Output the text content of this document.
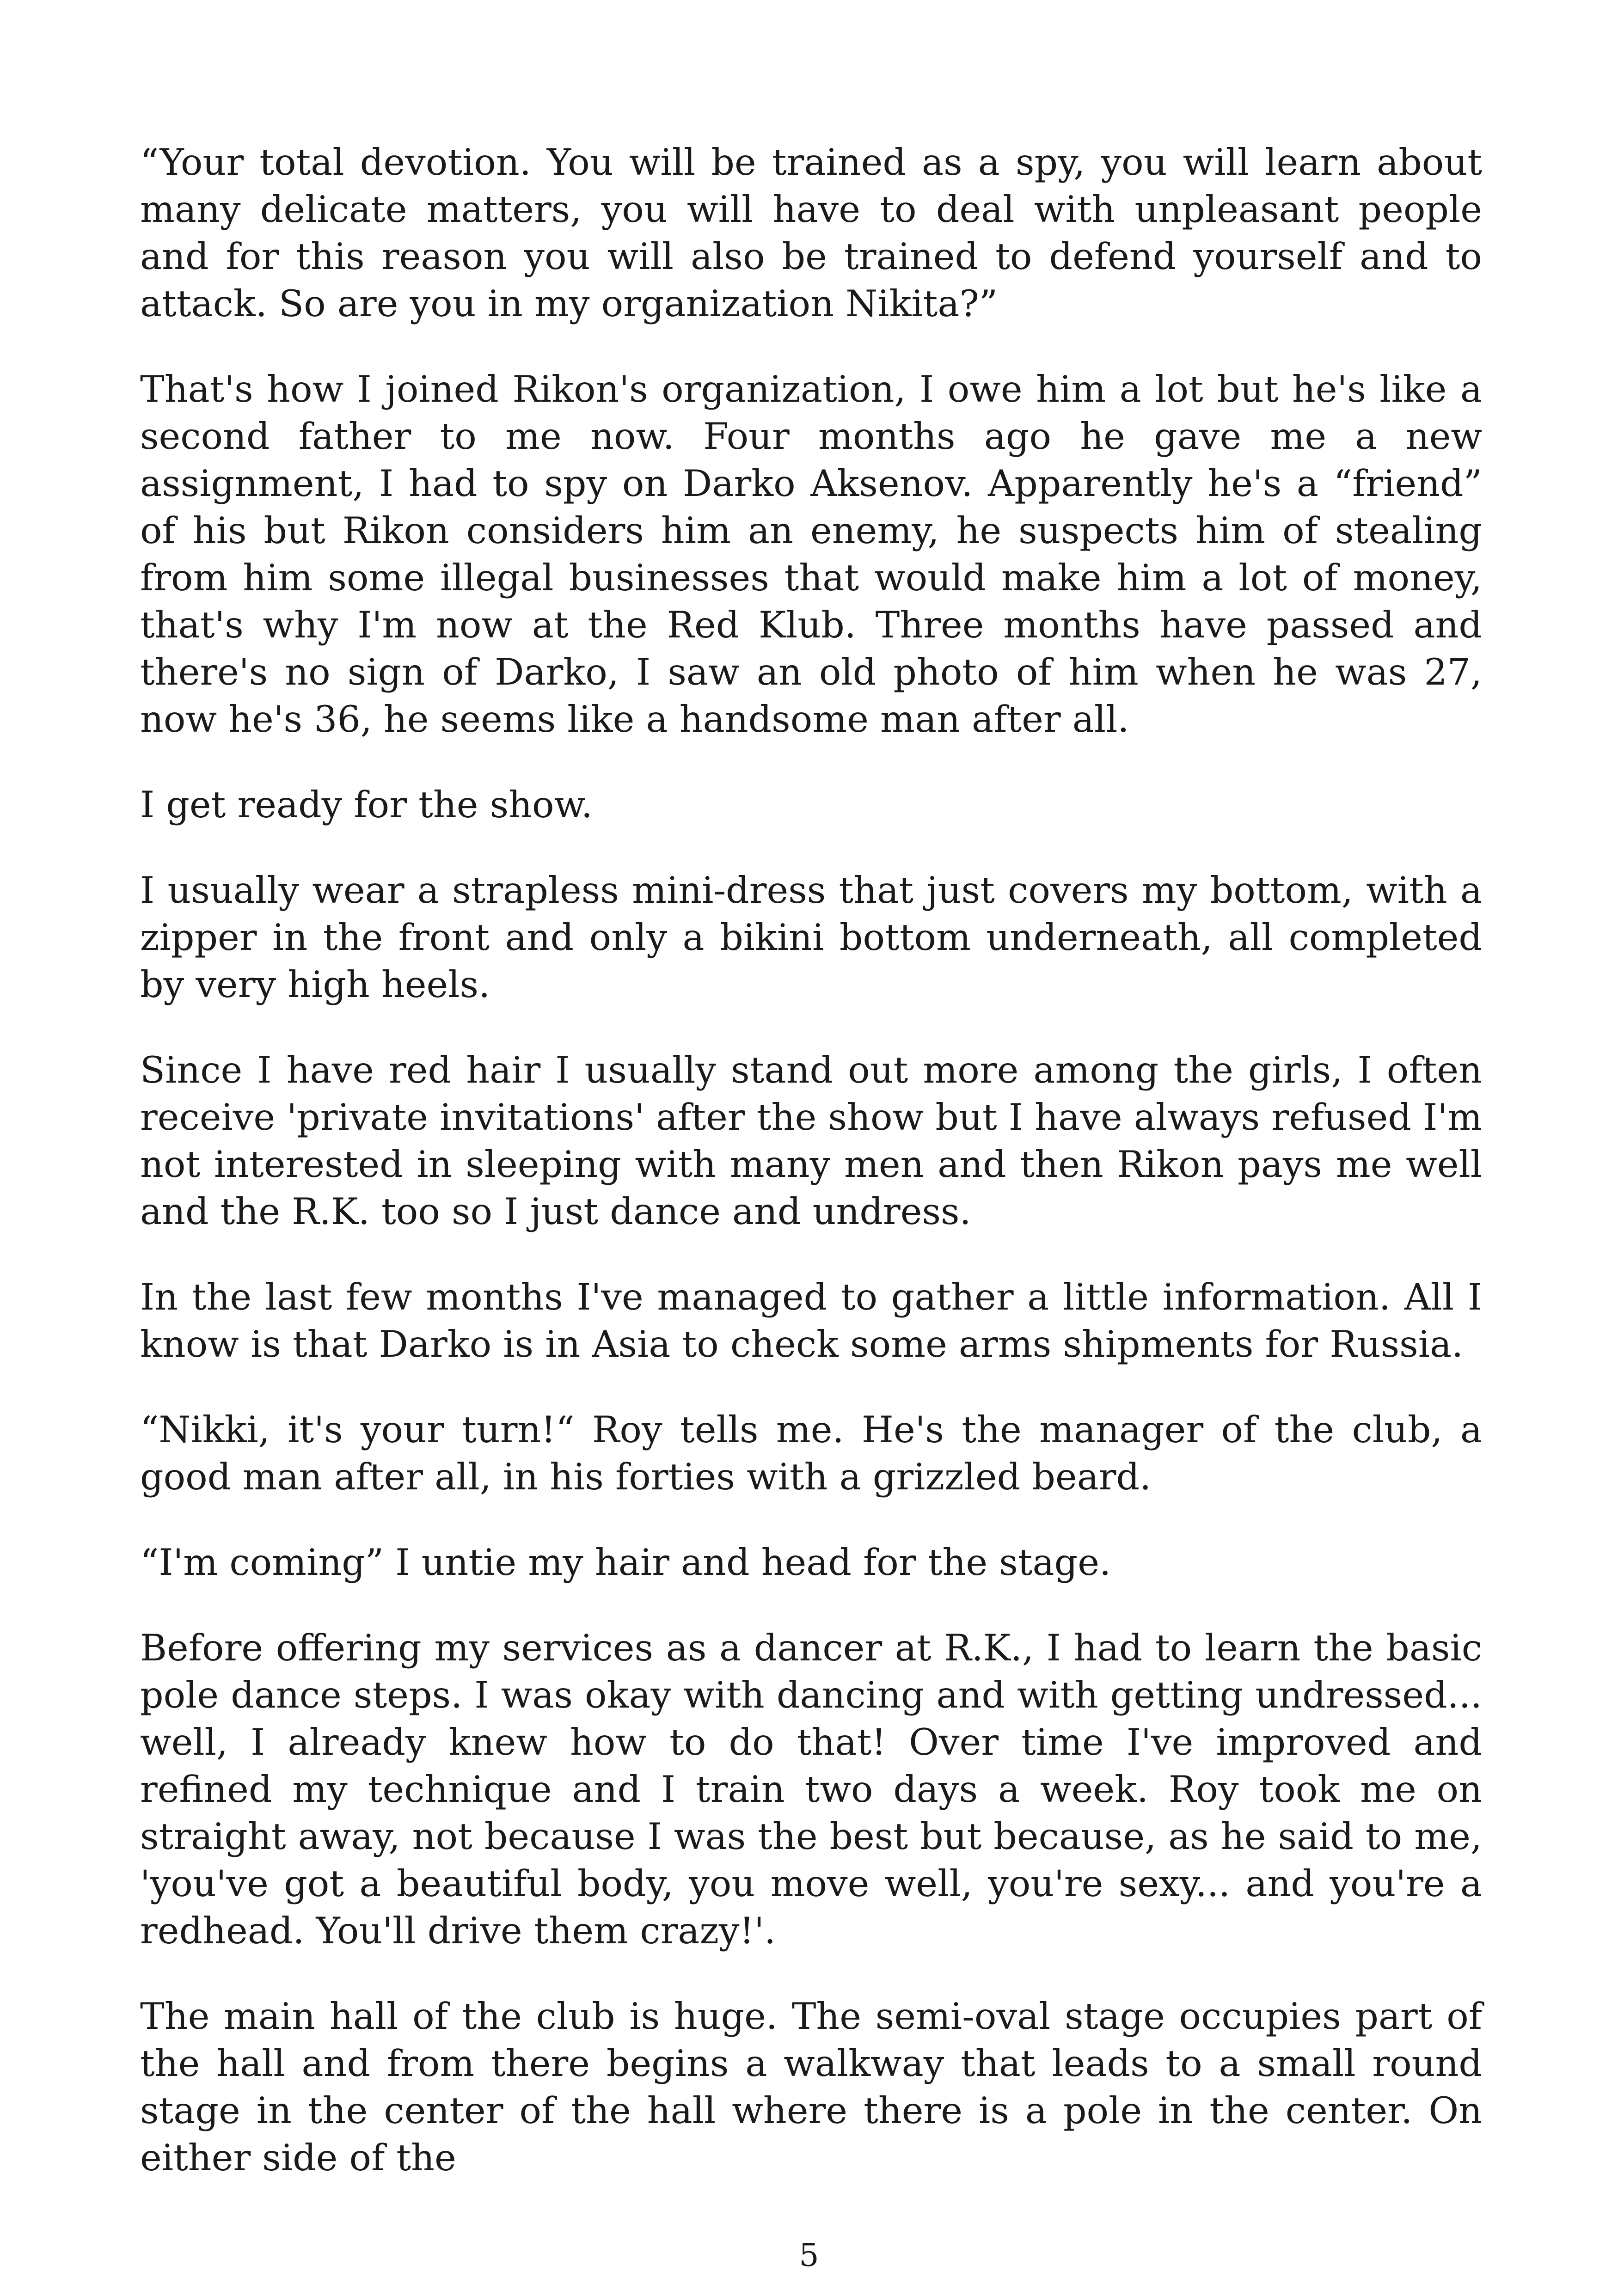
“Your total devotion. You will be trained as a spy, you will learn about many delicate matters, you will have to deal with unpleasant people and for this reason you will also be trained to defend yourself and to attack. So are you in my organization Nikita?”

That's how I joined Rikon's organization, I owe him a lot but he's like a second father to me now. Four months ago he gave me a new assignment, I had to spy on Darko Aksenov. Apparently he's a “friend” of his but Rikon considers him an enemy, he suspects him of stealing from him some illegal businesses that would make him a lot of money, that's why I'm now at the Red Klub. Three months have passed and there's no sign of Darko, I saw an old photo of him when he was 27, now he's 36, he seems like a handsome man after all.

I get ready for the show.

I usually wear a strapless mini-dress that just covers my bottom, with a zipper in the front and only a bikini bottom underneath, all completed by very high heels.

Since I have red hair I usually stand out more among the girls, I often receive 'private invitations' after the show but I have always refused I'm not interested in sleeping with many men and then Rikon pays me well and the R.K. too so I just dance and undress.

In the last few months I've managed to gather a little information. All I know is that Darko is in Asia to check some arms shipments for Russia.

“Nikki, it's your turn!“ Roy tells me. He's the manager of the club, a good man after all, in his forties with a grizzled beard.

“I'm coming” I untie my hair and head for the stage.

Before offering my services as a dancer at R.K., I had to learn the basic pole dance steps. I was okay with dancing and with getting undressed... well, I already knew how to do that! Over time I've improved and refined my technique and I train two days a week. Roy took me on straight away, not because I was the best but because, as he said to me, 'you've got a beautiful body, you move well, you're sexy... and you're a redhead. You'll drive them crazy!'.

The main hall of the club is huge. The semi-oval stage occupies part of the hall and from there begins a walkway that leads to a small round stage in the center of the hall where there is a pole in the center. On either side of the

5
